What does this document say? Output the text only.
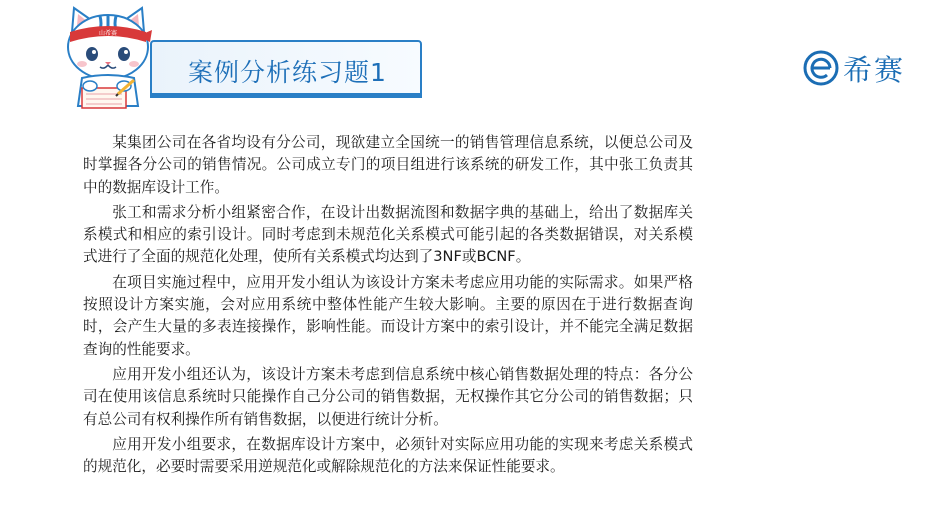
案例分析练习题1
山希赛
希赛

某集团公司在各省均设有分公司，现欲建立全国统一的销售管理信息系统，以便总公司及时掌握各分公司的销售情况。公司成立专门的项目组进行该系统的研发工作，其中张工负责其中的数据库设计工作。

张工和需求分析小组紧密合作，在设计出数据流图和数据字典的基础上，给出了数据库关系模式和相应的索引设计。同时考虑到未规范化关系模式可能引起的各类数据错误，对关系模式进行了全面的规范化处理，使所有关系模式均达到了3NF或BCNF。

在项目实施过程中，应用开发小组认为该设计方案未考虑应用功能的实际需求。如果严格按照设计方案实施，会对应用系统中整体性能产生较大影响。主要的原因在于进行数据查询时，会产生大量的多表连接操作，影响性能。而设计方案中的索引设计，并不能完全满足数据查询的性能要求。

应用开发小组还认为，该设计方案未考虑到信息系统中核心销售数据处理的特点：各分公司在使用该信息系统时只能操作自己分公司的销售数据，无权操作其它分公司的销售数据；只有总公司有权利操作所有销售数据，以便进行统计分析。

应用开发小组要求，在数据库设计方案中，必须针对实际应用功能的实现来考虑关系模式的规范化，必要时需要采用逆规范化或解除规范化的方法来保证性能要求。
